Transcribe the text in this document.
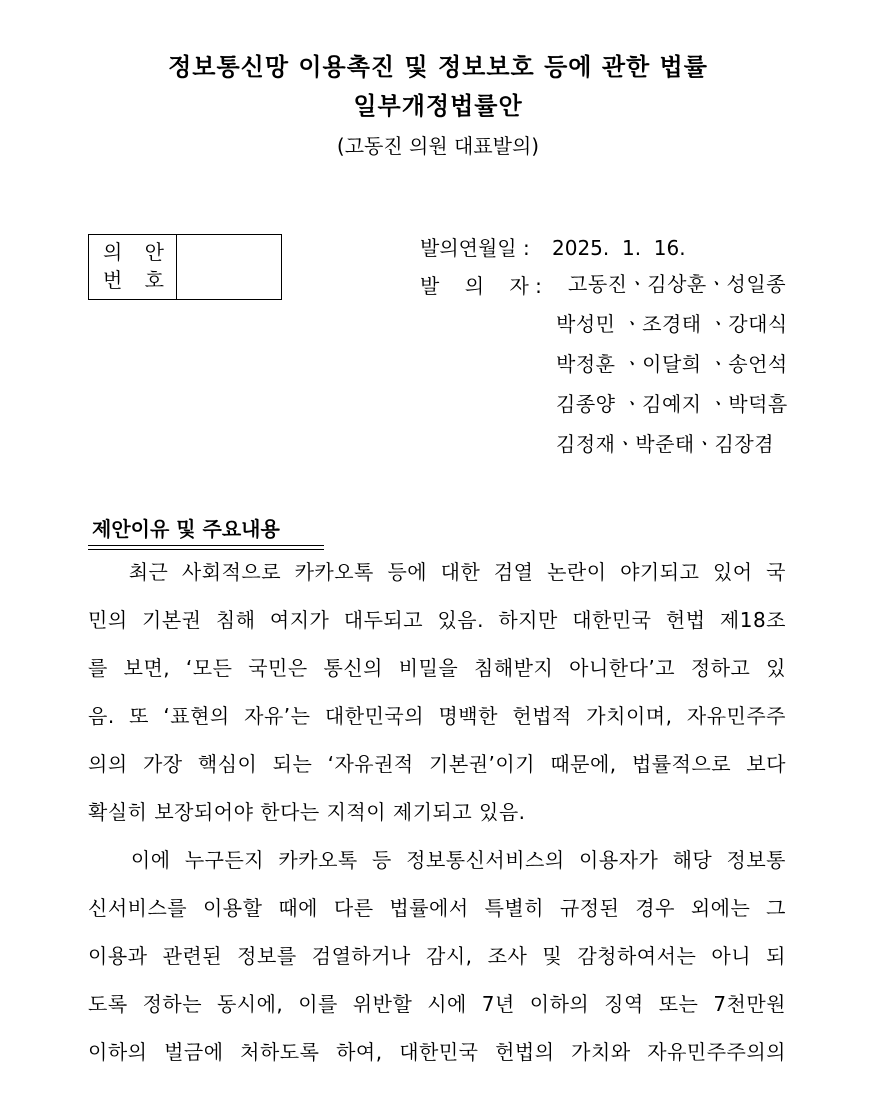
정보통신망 이용촉진 및 정보보호 등에 관한 법률
일부개정법률안
(고동진 의원 대표발의)
의 안
번 호
발의연월일 :	2025.  1.  16.
발    의    자 :	고동진ㆍ김상훈ㆍ성일종
박성민 ㆍ조경태 ㆍ강대식
박정훈 ㆍ이달희 ㆍ송언석
김종양 ㆍ김예지 ㆍ박덕흠
김정재ㆍ박준태ㆍ김장겸
제안이유 및 주요내용
최근 사회적으로 카카오톡 등에 대한 검열 논란이 야기되고 있어 국
민의 기본권 침해 여지가 대두되고 있음. 하지만 대한민국 헌법 제18조
를 보면, ‘모든 국민은 통신의 비밀을 침해받지 아니한다’고 정하고 있
음. 또 ‘표현의 자유’는 대한민국의 명백한 헌법적 가치이며, 자유민주주
의의 가장 핵심이 되는 ‘자유권적 기본권’이기 때문에, 법률적으로 보다
확실히 보장되어야 한다는 지적이 제기되고 있음.
이에 누구든지 카카오톡 등 정보통신서비스의 이용자가 해당 정보통
신서비스를 이용할 때에 다른 법률에서 특별히 규정된 경우 외에는 그
이용과 관련된 정보를 검열하거나 감시, 조사 및 감청하여서는 아니 되
도록 정하는 동시에, 이를 위반할 시에 7년 이하의 징역 또는 7천만원
이하의 벌금에 처하도록 하여, 대한민국 헌법의 가치와 자유민주주의의
